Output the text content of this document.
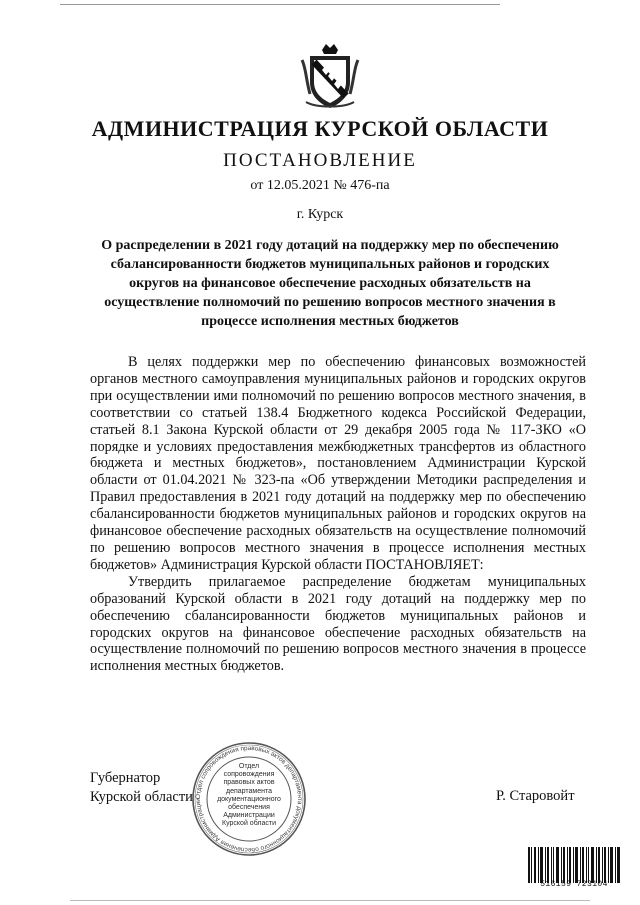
АДМИНИСТРАЦИЯ КУРСКОЙ ОБЛАСТИ
ПОСТАНОВЛЕНИЕ
от 12.05.2021 № 476-па
г. Курск
О распределении в 2021 году дотаций на поддержку мер по обеспечению сбалансированности бюджетов муниципальных районов и городских округов на финансовое обеспечение расходных обязательств на осуществление полномочий по решению вопросов местного значения в процессе исполнения местных бюджетов

В целях поддержки мер по обеспечению финансовых возможностей органов местного самоуправления муниципальных районов и городских округов при осуществлении ими полномочий по решению вопросов местного значения, в соответствии со статьей 138.4 Бюджетного кодекса Российской Федерации, статьей 8.1 Закона Курской области от 29 декабря 2005 года № 117-ЗКО «О порядке и условиях предоставления межбюджетных трансфертов из областного бюджета и местных бюджетов», постановлением Администрации Курской области от 01.04.2021 № 323-па «Об утверждении Методики распределения и Правил предоставления в 2021 году дотаций на поддержку мер по обеспечению сбалансированности бюджетов муниципальных районов и городских округов на финансовое обеспечение расходных обязательств на осуществление полномочий по решению вопросов местного значения в процессе исполнения местных бюджетов» Администрация Курской области ПОСТАНОВЛЯЕТ:

Утвердить прилагаемое распределение бюджетам муниципальных образований Курской области в 2021 году дотаций на поддержку мер по обеспечению сбалансированности бюджетов муниципальных районов и городских округов на финансовое обеспечение расходных обязательств на осуществление полномочий по решению вопросов местного значения в процессе исполнения местных бюджетов.

Отдел сопровождения правовых актов департамента документационного обеспечения Администрации
Отдел
сопровождения
правовых актов
департамента
документационного
обеспечения
Администрации
Курской области
Губернатор
Курской области	Р. Старовойт
516159 723104
